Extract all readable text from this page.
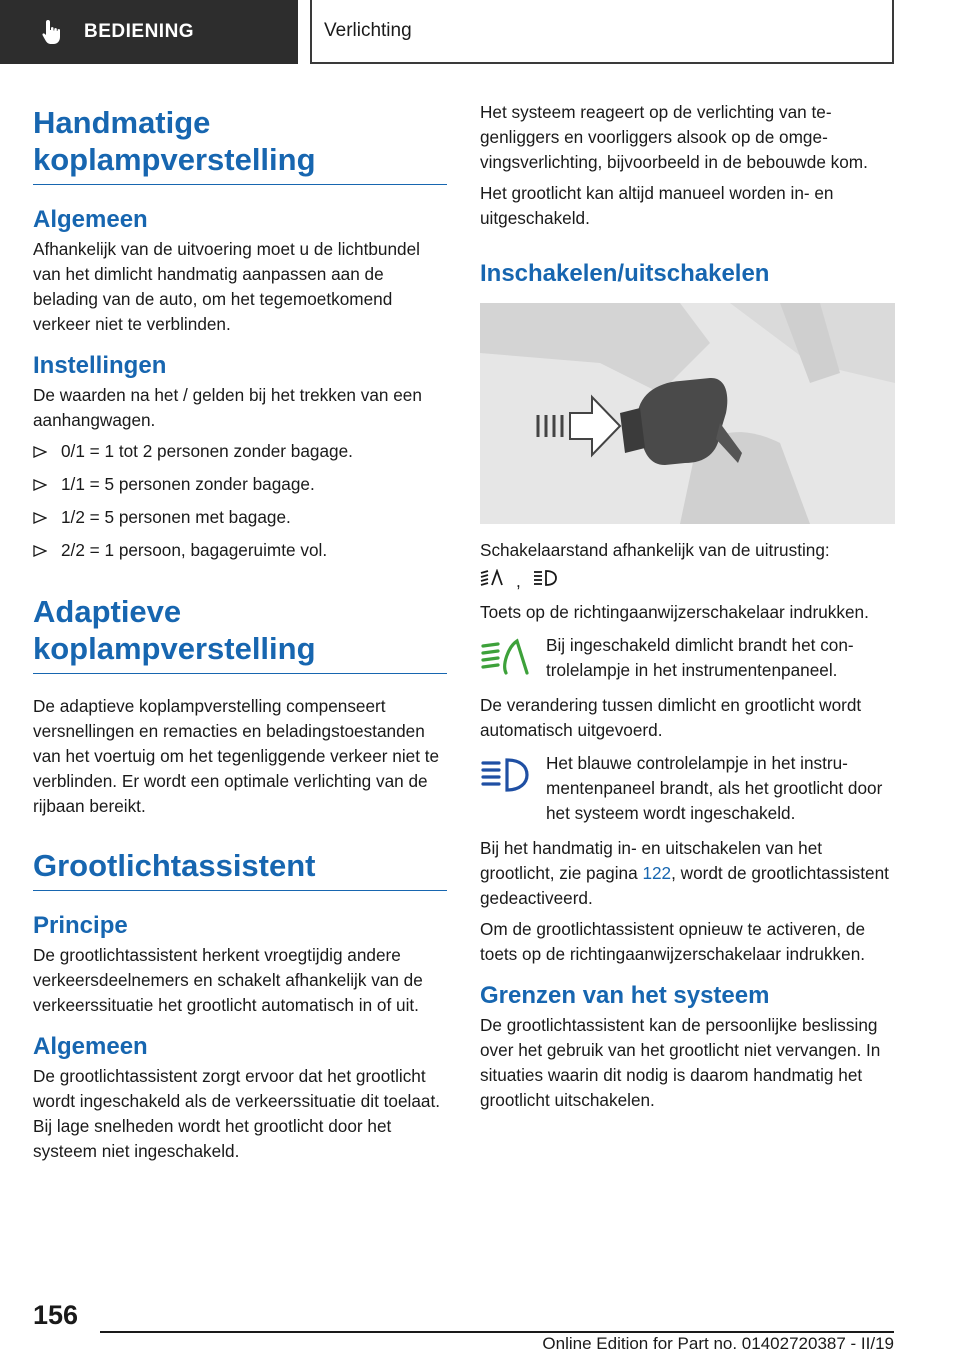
BEDIENING	Verlichting
Handmatige koplampverstelling
Algemeen
Afhankelijk van de uitvoering moet u de lichtbundel van het dimlicht handmatig aanpassen aan de belading van de auto, om het tegemoetkomend verkeer niet te verblinden.
Instellingen
De waarden na het / gelden bij het trekken van een aanhangwagen.
0/1 = 1 tot 2 personen zonder bagage.
1/1 = 5 personen zonder bagage.
1/2 = 5 personen met bagage.
2/2 = 1 persoon, bagageruimte vol.
Adaptieve koplampverstelling
De adaptieve koplampverstelling compenseert versnellingen en remacties en beladingstoestanden van het voertuig om het tegenliggende verkeer niet te verblinden. Er wordt een optimale verlichting van de rijbaan bereikt.
Grootlichtassistent
Principe
De grootlichtassistent herkent vroegtijdig andere verkeersdeelnemers en schakelt afhankelijk van de verkeerssituatie het grootlicht automatisch in of uit.
Algemeen
De grootlichtassistent zorgt ervoor dat het grootlicht wordt ingeschakeld als de verkeerssituatie dit toelaat. Bij lage snelheden wordt het grootlicht door het systeem niet ingeschakeld.
Het systeem reageert op de verlichting van tegenliggers en voorliggers alsook op de omgevingsverlichting, bijvoorbeeld in de bebouwde kom.
Het grootlicht kan altijd manueel worden in- en uitgeschakeld.
Inschakelen/uitschakelen
Schakelaarstand afhankelijk van de uitrusting:
,
Toets op de richtingaanwijzerschakelaar indrukken.
Bij ingeschakeld dimlicht brandt het controlelampje in het instrumentenpaneel.
De verandering tussen dimlicht en grootlicht wordt automatisch uitgevoerd.
Het blauwe controlelampje in het instrumentenpaneel brandt, als het grootlicht door het systeem wordt ingeschakeld.
Bij het handmatig in- en uitschakelen van het grootlicht, zie pagina 122, wordt de grootlichtassistent gedeactiveerd.
Om de grootlichtassistent opnieuw te activeren, de toets op de richtingaanwijzerschakelaar indrukken.
Grenzen van het systeem
De grootlichtassistent kan de persoonlijke beslissing over het gebruik van het grootlicht niet vervangen. In situaties waarin dit nodig is daarom handmatig het grootlicht uitschakelen.
156
Online Edition for Part no. 01402720387 - II/19
